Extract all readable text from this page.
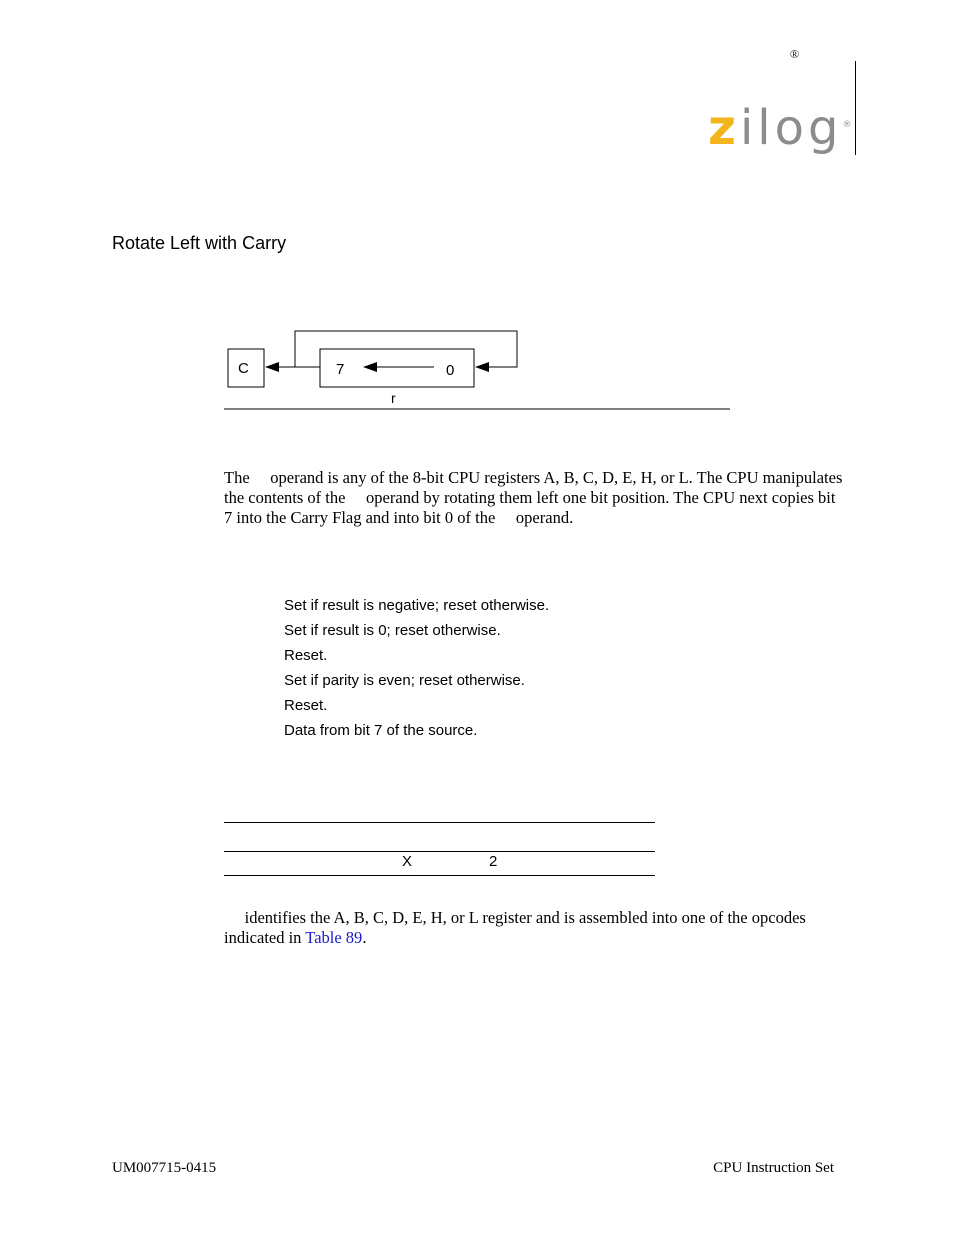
®
zilog®
Rotate Left with Carry
C	7	0
r
The     operand is any of the 8-bit CPU registers A, B, C, D, E, H, or L. The CPU manipulates the contents of the     operand by rotating them left one bit position. The CPU next copies bit 7 into the Carry Flag and into bit 0 of the     operand.
Set if result is negative; reset otherwise.
Set if result is 0; reset otherwise.
Reset.
Set if parity is even; reset otherwise.
Reset.
Data from bit 7 of the source.
X	2
identifies the A, B, C, D, E, H, or L register and is assembled into one of the opcodes indicated in Table 89.
UM007715-0415	CPU Instruction Set
